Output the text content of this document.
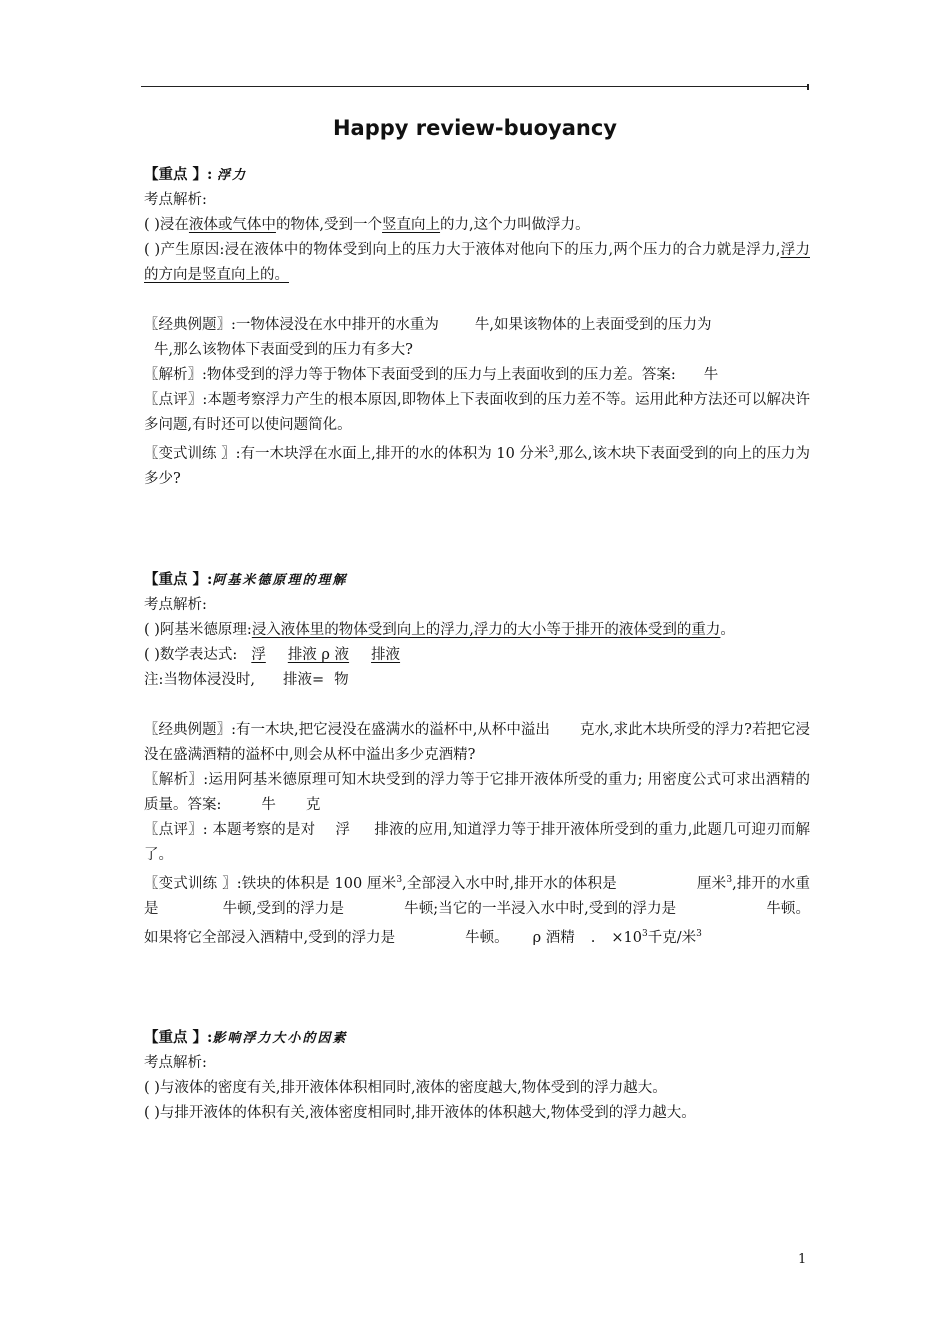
Happy review-buoyancy

【重点 】: 浮力

考点解析:

( )浸在液体或气体中的物体,受到一个竖直向上的力,这个力叫做浮力。

( )产生原因:浸在液体中的物体受到向上的压力大于液体对他向下的压力,两个压力的合力就是浮力,浮力的方向是竖直向上的。

〖经典例题〗:一物体浸没在水中排开的水重为 牛,如果该物体的上表面受到的压力为
牛,那么该物体下表面受到的压力有多大?

〖解析〗:物体受到的浮力等于物体下表面受到的压力与上表面收到的压力差。答案: 牛

〖点评〗:本题考察浮力产生的根本原因,即物体上下表面收到的压力差不等。运用此种方法还可以解决许多问题,有时还可以使问题简化。

〖变式训练 〗:有一木块浮在水面上,排开的水的体积为 10 分米$^3$,那么,该木块下表面受到的向上的压力为多少?

【重点 】:阿基米德原理的理解

考点解析:

( )阿基米德原理:浸入液体里的物体受到向上的浮力,浮力的大小等于排开的液体受到的重力。

( )数学表达式: 浮 排液 ρ 液 排液

注:当物体浸没时, 排液= 物

〖经典例题〗:有一木块,把它浸没在盛满水的溢杯中,从杯中溢出 克水,求此木块所受的浮力?若把它浸没在盛满酒精的溢杯中,则会从杯中溢出多少克酒精?

〖解析〗:运用阿基米德原理可知木块受到的浮力等于它排开液体所受的重力; 用密度公式可求出酒精的质量。答案:	牛 克

〖点评〗: 本题考察的是对 浮 排液的应用,知道浮力等于排开液体所受到的重力,此题几可迎刃而解了。

〖变式训练 〗:铁块的体积是 100 厘米$^3$,全部浸入水中时,排开水的体积是	厘米$^3$,排开的水重是	牛顿,受到的浮力是	牛顿;当它的一半浸入水中时,受到的浮力是	牛顿。如果将它全部浸入酒精中,受到的浮力是	牛顿。 ρ 酒精 . $\times 10^3$千克/米$^3$

【重点 】:影响浮力大小的因素

考点解析:

( )与液体的密度有关,排开液体体积相同时,液体的密度越大,物体受到的浮力越大。

( )与排开液体的体积有关,液体密度相同时,排开液体的体积越大,物体受到的浮力越大。

1
